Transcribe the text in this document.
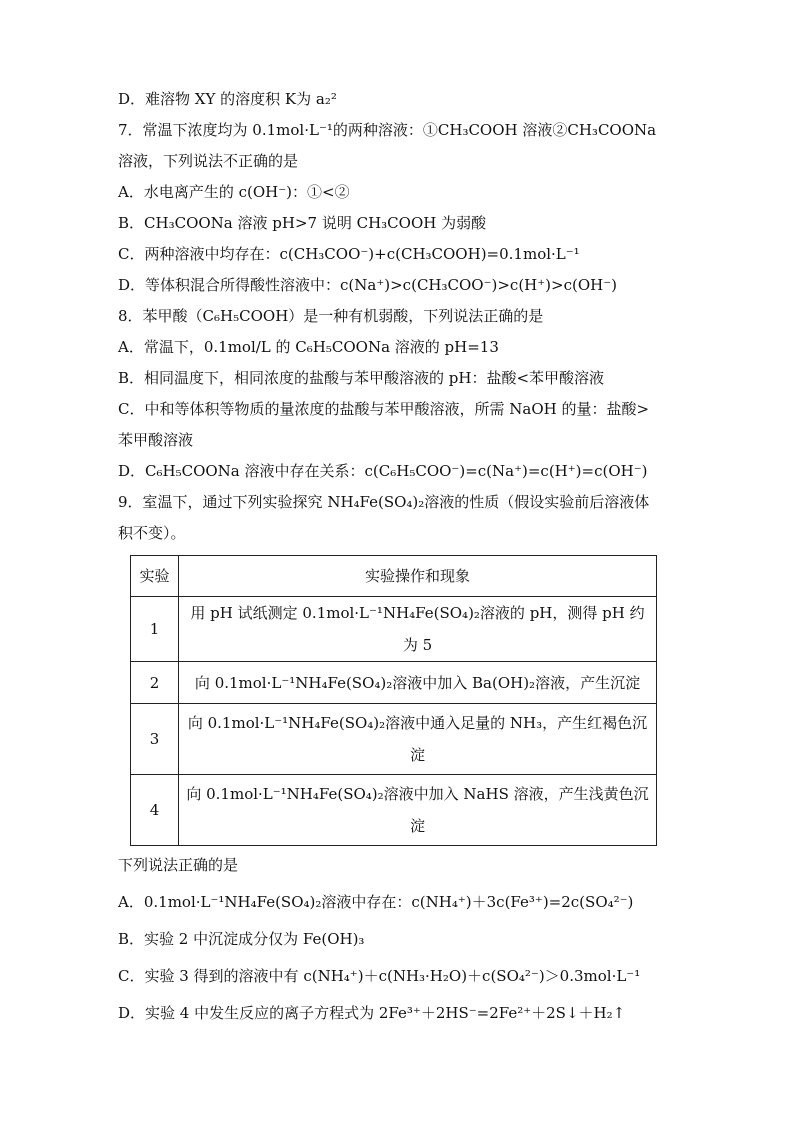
D．难溶物 XY 的溶度积 K为 a₂²
7．常温下浓度均为 0.1mol·L⁻¹的两种溶液：①CH₃COOH 溶液②CH₃COONa
溶液，下列说法不正确的是
A．水电离产生的 c(OH⁻)：①<②
B．CH₃COONa 溶液 pH>7 说明 CH₃COOH 为弱酸
C．两种溶液中均存在：c(CH₃COO⁻)+c(CH₃COOH)=0.1mol·L⁻¹
D．等体积混合所得酸性溶液中：c(Na⁺)>c(CH₃COO⁻)>c(H⁺)>c(OH⁻)
8．苯甲酸（C₆H₅COOH）是一种有机弱酸，下列说法正确的是
A．常温下，0.1mol/L 的 C₆H₅COONa 溶液的 pH=13
B．相同温度下，相同浓度的盐酸与苯甲酸溶液的 pH：盐酸<苯甲酸溶液
C．中和等体积等物质的量浓度的盐酸与苯甲酸溶液，所需 NaOH 的量：盐酸>
苯甲酸溶液
D．C₆H₅COONa 溶液中存在关系：c(C₆H₅COO⁻)=c(Na⁺)=c(H⁺)=c(OH⁻)
9．室温下，通过下列实验探究 NH₄Fe(SO₄)₂溶液的性质（假设实验前后溶液体
积不变）。
实验	实验操作和现象
1	用 pH 试纸测定 0.1mol·L⁻¹NH₄Fe(SO₄)₂溶液的 pH，测得 pH 约为 5
2	向 0.1mol·L⁻¹NH₄Fe(SO₄)₂溶液中加入 Ba(OH)₂溶液，产生沉淀
3	向 0.1mol·L⁻¹NH₄Fe(SO₄)₂溶液中通入足量的 NH₃，产生红褐色沉
淀

4	向 0.1mol·L⁻¹NH₄Fe(SO₄)₂溶液中加入 NaHS 溶液，产生浅黄色沉
淀
下列说法正确的是
A．0.1mol·L⁻¹NH₄Fe(SO₄)₂溶液中存在：c(NH₄⁺)＋3c(Fe³⁺)=2c(SO₄²⁻)
B．实验 2 中沉淀成分仅为 Fe(OH)₃
C．实验 3 得到的溶液中有 c(NH₄⁺)＋c(NH₃·H₂O)＋c(SO₄²⁻)＞0.3mol·L⁻¹
D．实验 4 中发生反应的离子方程式为 2Fe³⁺＋2HS⁻=2Fe²⁺＋2S↓＋H₂↑
